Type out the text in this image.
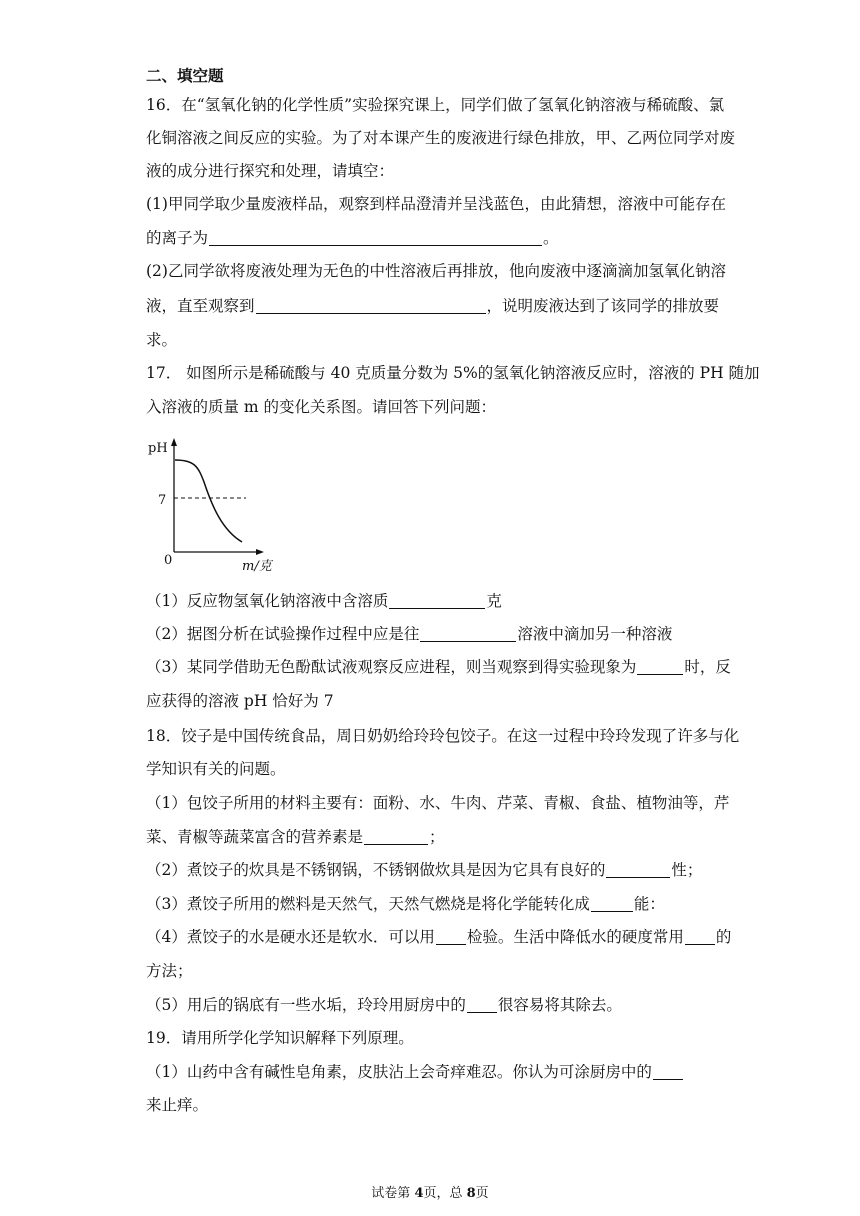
二、填空题
16．在“氢氧化钠的化学性质”实验探究课上，同学们做了氢氧化钠溶液与稀硫酸、氯
化铜溶液之间反应的实验。为了对本课产生的废液进行绿色排放，甲、乙两位同学对废
液的成分进行探究和处理，请填空：
(1)甲同学取少量废液样品，观察到样品澄清并呈浅蓝色，由此猜想，溶液中可能存在
的离子为	。
(2)乙同学欲将废液处理为无色的中性溶液后再排放，他向废液中逐滴滴加氢氧化钠溶
液，直至观察到	，说明废液达到了该同学的排放要
求。
17． 如图所示是稀硫酸与 40 克质量分数为 5%的氢氧化钠溶液反应时，溶液的 PH 随加
入溶液的质量 m 的变化关系图。请回答下列问题：
pH
7
0	m/克
（1）反应物氢氧化钠溶液中含溶质	克
（2）据图分析在试验操作过程中应是往	溶液中滴加另一种溶液
（3）某同学借助无色酚酞试液观察反应进程，则当观察到得实验现象为	时，反
应获得的溶液 pH 恰好为 7
18．饺子是中国传统食品，周日奶奶给玲玲包饺子。在这一过程中玲玲发现了许多与化
学知识有关的问题。
（1）包饺子所用的材料主要有：面粉、水、牛肉、芹菜、青椒、食盐、植物油等，芹
菜、青椒等蔬菜富含的营养素是	；
（2）煮饺子的炊具是不锈钢锅，不锈钢做炊具是因为它具有良好的	性；
（3）煮饺子所用的燃料是天然气，天然气燃烧是将化学能转化成	能：
（4）煮饺子的水是硬水还是软水．可以用 检验。生活中降低水的硬度常用 的
方法；
（5）用后的锅底有一些水垢，玲玲用厨房中的 很容易将其除去。
19．请用所学化学知识解释下列原理。
（1）山药中含有碱性皂角素，皮肤沾上会奇痒难忍。你认为可涂厨房中的
来止痒。
试卷第 4页，总 8页
